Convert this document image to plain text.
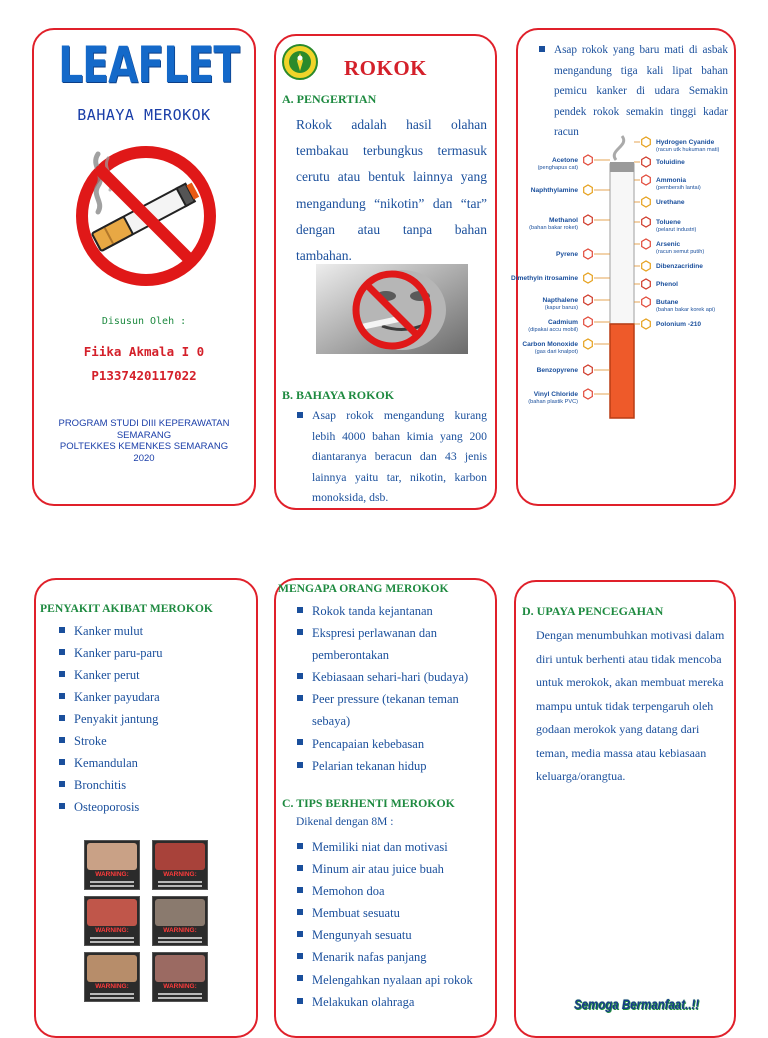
LEAFLET
BAHAYA MEROKOK
Disusun Oleh :
Fiika Akmala I 0
P1337420117022
PROGRAM STUDI DIII KEPERAWATAN
SEMARANG
POLTEKKES KEMENKES SEMARANG
2020
ROKOK
A. PENGERTIAN
Rokok adalah hasil olahan tembakau terbungkus termasuk cerutu atau bentuk lainnya yang mengandung “nikotin” dan “tar” dengan atau tanpa bahan tambahan.
B. BAHAYA ROKOK
Asap rokok mengandung kurang lebih 4000 bahan kimia yang 200 diantaranya beracun dan 43 jenis lainnya yaitu tar, nikotin, karbon monoksida, dsb.
Asap rokok yang baru mati di asbak mengandung tiga kali lipat bahan pemicu kanker di udara Semakin pendek rokok semakin tinggi kadar racun
Acetone
(penghapus cat)
Naphthylamine
Methanol
(bahan bakar roket)
Pyrene
Dimethyln itrosamine
Napthalene
(kapur barus)
Cadmium
(dipakai accu mobil)
Carbon Monoxide
(gas dari knalpot)
Benzopyrene
Vinyl Chloride
(bahan plastik PVC)
Hydrogen Cyanide
(racun utk hukuman mati)
Toluidine
Ammonia
(pembersih lantai)
Urethane
Toluene
(pelarut industri)
Arsenic
(racun semut putih)
Dibenzacridine
Phenol
Butane
(bahan bakar korek api)
Polonium -210
PENYAKIT AKIBAT MEROKOK
Kanker mulut
Kanker paru-paru
Kanker perut
Kanker payudara
Penyakit jantung
Stroke
Kemandulan
Bronchitis
Osteoporosis
WARNING:	WARNING:
WARNING:	WARNING:
WARNING:	WARNING:
MENGAPA ORANG MEROKOK
Rokok tanda kejantanan
Ekspresi perlawanan dan pemberontakan
Kebiasaan sehari-hari (budaya)
Peer pressure (tekanan teman sebaya)
Pencapaian kebebasan
Pelarian tekanan hidup
C. TIPS BERHENTI MEROKOK
Dikenal dengan 8M :
Memiliki niat dan motivasi
Minum air atau juice buah
Memohon doa
Membuat sesuatu
Mengunyah sesuatu
Menarik nafas panjang
Melengahkan nyalaan api rokok
Melakukan olahraga
D. UPAYA PENCEGAHAN
Dengan menumbuhkan motivasi dalam diri untuk berhenti atau tidak mencoba untuk merokok, akan membuat mereka mampu untuk tidak terpengaruh oleh godaan merokok yang datang dari teman, media massa atau kebiasaan keluarga/orangtua.
Semoga Bermanfaat..!!
